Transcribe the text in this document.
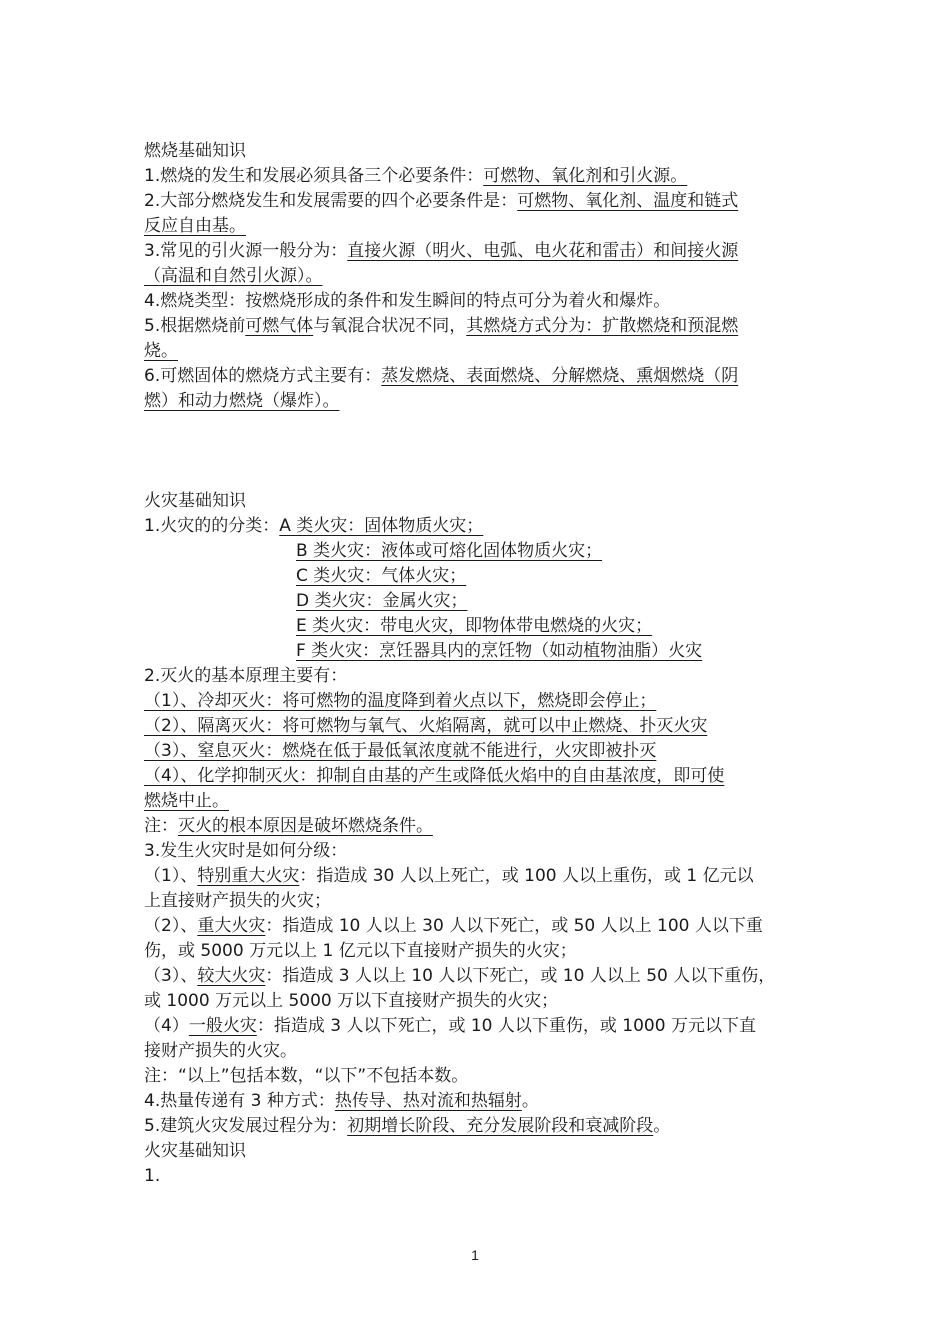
燃烧基础知识
1.燃烧的发生和发展必须具备三个必要条件：可燃物、氧化剂和引火源。
2.大部分燃烧发生和发展需要的四个必要条件是：可燃物、氧化剂、温度和链式
反应自由基。
3.常见的引火源一般分为：直接火源（明火、电弧、电火花和雷击）和间接火源
（高温和自然引火源）。
4.燃烧类型：按燃烧形成的条件和发生瞬间的特点可分为着火和爆炸。
5.根据燃烧前可燃气体与氧混合状况不同，其燃烧方式分为：扩散燃烧和预混燃
烧。
6.可燃固体的燃烧方式主要有：蒸发燃烧、表面燃烧、分解燃烧、熏烟燃烧（阴
燃）和动力燃烧（爆炸）。
火灾基础知识
1.火灾的的分类：A 类火灾：固体物质火灾；
B 类火灾：液体或可熔化固体物质火灾；
C 类火灾：气体火灾；
D 类火灾：金属火灾；
E 类火灾：带电火灾，即物体带电燃烧的火灾；
F 类火灾：烹饪器具内的烹饪物（如动植物油脂）火灾
2.灭火的基本原理主要有：
（1）、冷却灭火：将可燃物的温度降到着火点以下，燃烧即会停止；
（2）、隔离灭火：将可燃物与氧气、火焰隔离，就可以中止燃烧、扑灭火灾
（3）、窒息灭火：燃烧在低于最低氧浓度就不能进行，火灾即被扑灭
（4）、化学抑制灭火：抑制自由基的产生或降低火焰中的自由基浓度，即可使
燃烧中止。
注：灭火的根本原因是破坏燃烧条件。
3.发生火灾时是如何分级：
（1）、特别重大火灾：指造成 30 人以上死亡，或 100 人以上重伤，或 1 亿元以
上直接财产损失的火灾；
（2）、重大火灾：指造成 10 人以上 30 人以下死亡，或 50 人以上 100 人以下重
伤，或 5000 万元以上 1 亿元以下直接财产损失的火灾；
（3）、较大火灾：指造成 3 人以上 10 人以下死亡，或 10 人以上 50 人以下重伤，
或 1000 万元以上 5000 万以下直接财产损失的火灾；
（4）一般火灾：指造成 3 人以下死亡，或 10 人以下重伤，或 1000 万元以下直
接财产损失的火灾。
注：“以上”包括本数，“以下”不包括本数。
4.热量传递有 3 种方式：热传导、热对流和热辐射。
5.建筑火灾发展过程分为：初期增长阶段、充分发展阶段和衰减阶段。
火灾基础知识
1.
1
